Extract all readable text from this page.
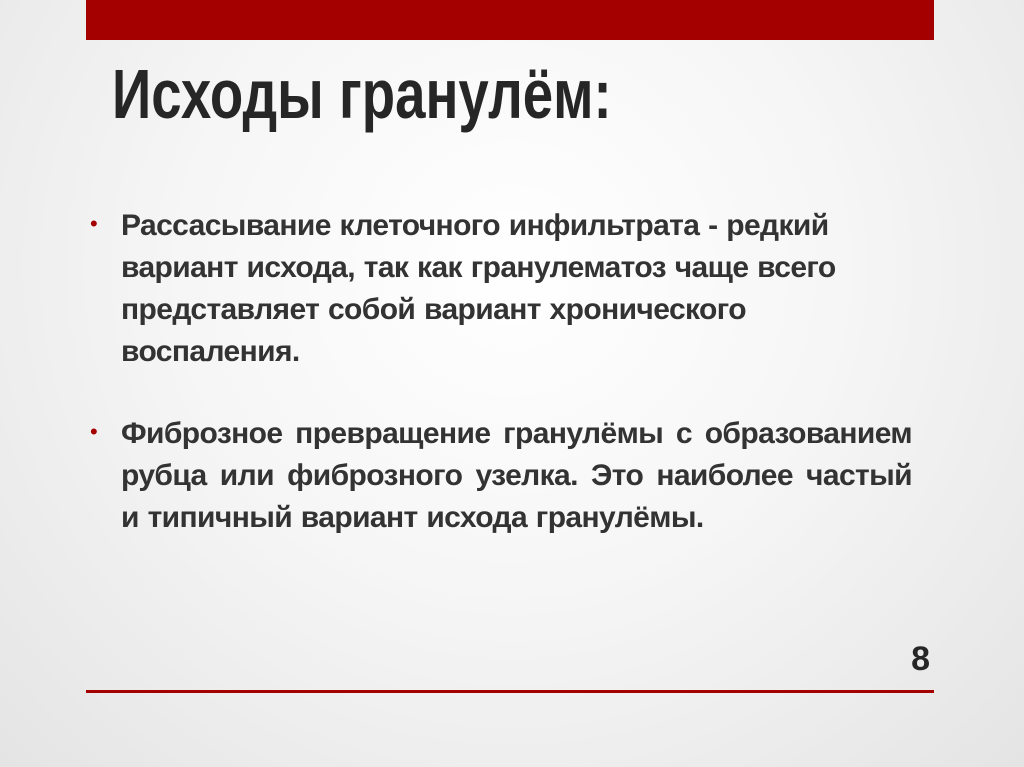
Исходы гранулём:
• Рассасывание клеточного инфильтрата - редкий вариант исхода, так как гранулематоз чаще всего представляет собой вариант хронического воспаления.

• Фиброзное превращение гранулёмы с образованием рубца или фиброзного узелка. Это наиболее частый и типичный вариант исхода гранулёмы.

8
